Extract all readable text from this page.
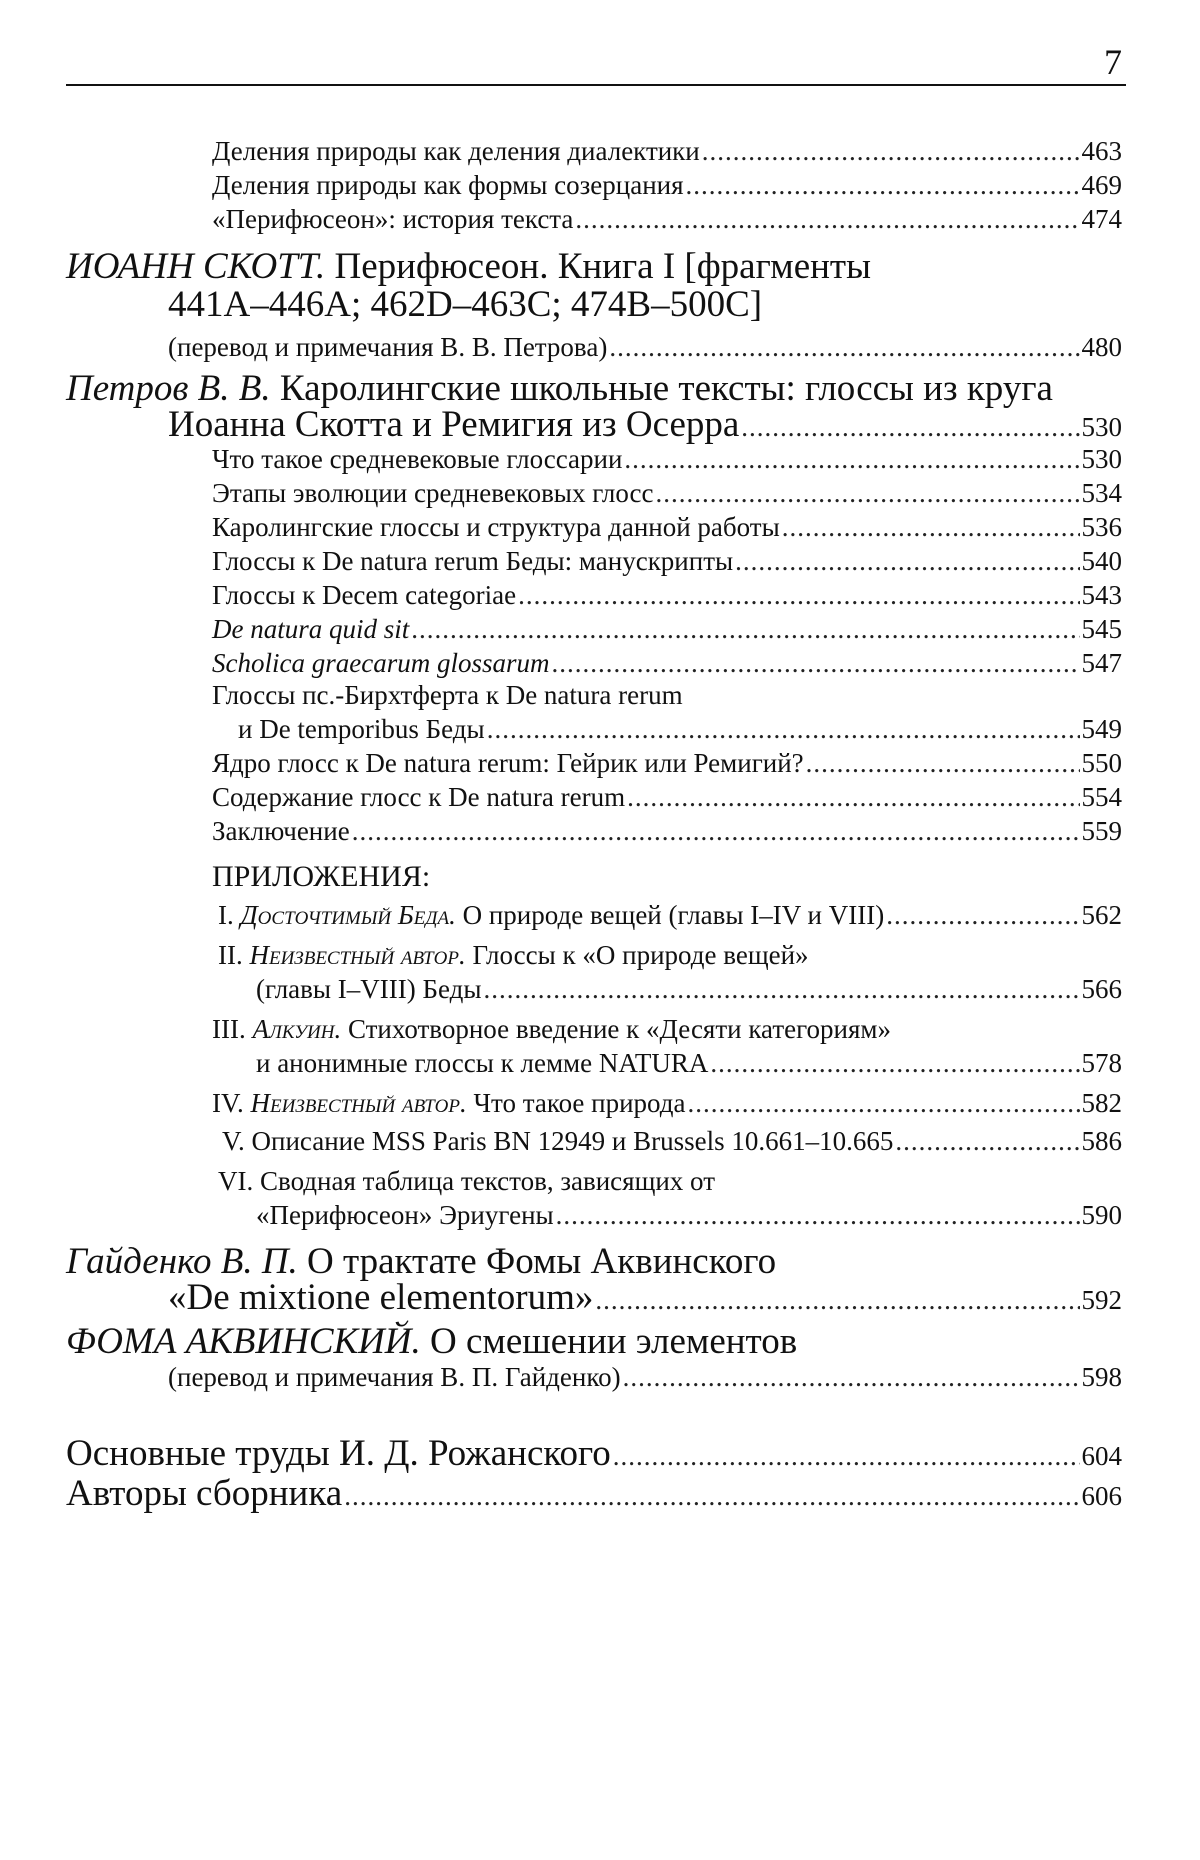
7
Деления природы как деления диалектики .....	463
Деления природы как формы созерцания .....	469
«Перифюсеон»: история текста .....	474
ИОАНН СКОТТ. Перифюсеон. Книга I [фрагменты
441A–446A; 462D–463C; 474B–500C]
(перевод и примечания В. В. Петрова) .....	480
Петров В. В. Каролингские школьные тексты: глоссы из круга
Иоанна Скотта и Ремигия из Осерра .....	530
Что такое средневековые глоссарии .....	530
Этапы эволюции средневековых глосс .....	534
Каролингские глоссы и структура данной работы .....	536
Глоссы к De natura rerum Беды: манускрипты .....	540
Глоссы к Decem categoriae .....	543
De natura quid sit .....	545
Scholica graecarum glossarum .....	547
Глоссы пс.-Бирхтферта к De natura rerum
и De temporibus Беды .....	549
Ядро глосс к De natura rerum: Гейрик или Ремигий? .....	550
Содержание глосс к De natura rerum .....	554
Заключение .....	559
ПРИЛОЖЕНИЯ:
I. Досточтимый Беда. О природе вещей (главы I–IV и VIII) .....	562
II. Неизвестный автор. Глоссы к «О природе вещей»
(главы I–VIII) Беды .....	566
III. Алкуин. Стихотворное введение к «Десяти категориям»
и анонимные глоссы к лемме NATURA .....	578
IV. Неизвестный автор. Что такое природа .....	582
V. Описание MSS Paris BN 12949 и Brussels 10.661–10.665 .....	586
VI. Сводная таблица текстов, зависящих от
«Перифюсеон» Эриугены .....	590
Гайденко В. П. О трактате Фомы Аквинского
«De mixtione elementorum» .....	592
ФОМА АКВИНСКИЙ. О смешении элементов
(перевод и примечания В. П. Гайденко) .....	598
Основные труды И. Д. Рожанского .....	604
Авторы сборника .....	606
